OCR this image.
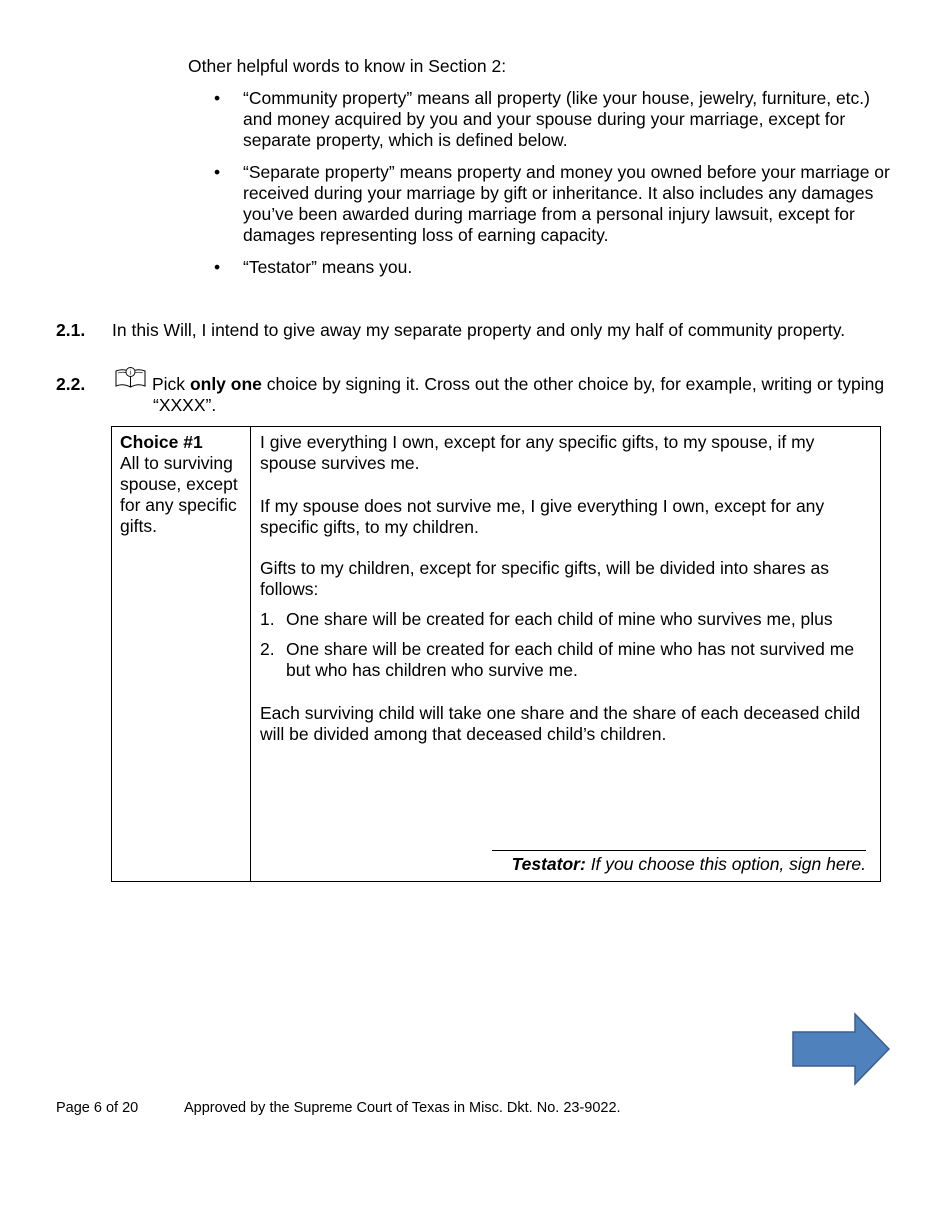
Other helpful words to know in Section 2:
• “Community property” means all property (like your house, jewelry, furniture, etc.) and money acquired by you and your spouse during your marriage, except for separate property, which is defined below.
• “Separate property” means property and money you owned before your marriage or received during your marriage by gift or inheritance. It also includes any damages you’ve been awarded during marriage from a personal injury lawsuit, except for damages representing loss of earning capacity.
• “Testator” means you.
2.1. In this Will, I intend to give away my separate property and only my half of community property.
2.2.
i
Pick only one choice by signing it. Cross out the other choice by, for example, writing or typing “XXXX”.
Choice #1
All to surviving spouse, except for any specific gifts.
I give everything I own, except for any specific gifts, to my spouse, if my spouse survives me.
If my spouse does not survive me, I give everything I own, except for any specific gifts, to my children.
Gifts to my children, except for specific gifts, will be divided into shares as follows:
1. One share will be created for each child of mine who survives me, plus
2. One share will be created for each child of mine who has not survived me but who has children who survive me.
Each surviving child will take one share and the share of each deceased child will be divided among that deceased child’s children.
Testator: If you choose this option, sign here.
Page 6 of 20	Approved by the Supreme Court of Texas in Misc. Dkt. No. 23-9022.
